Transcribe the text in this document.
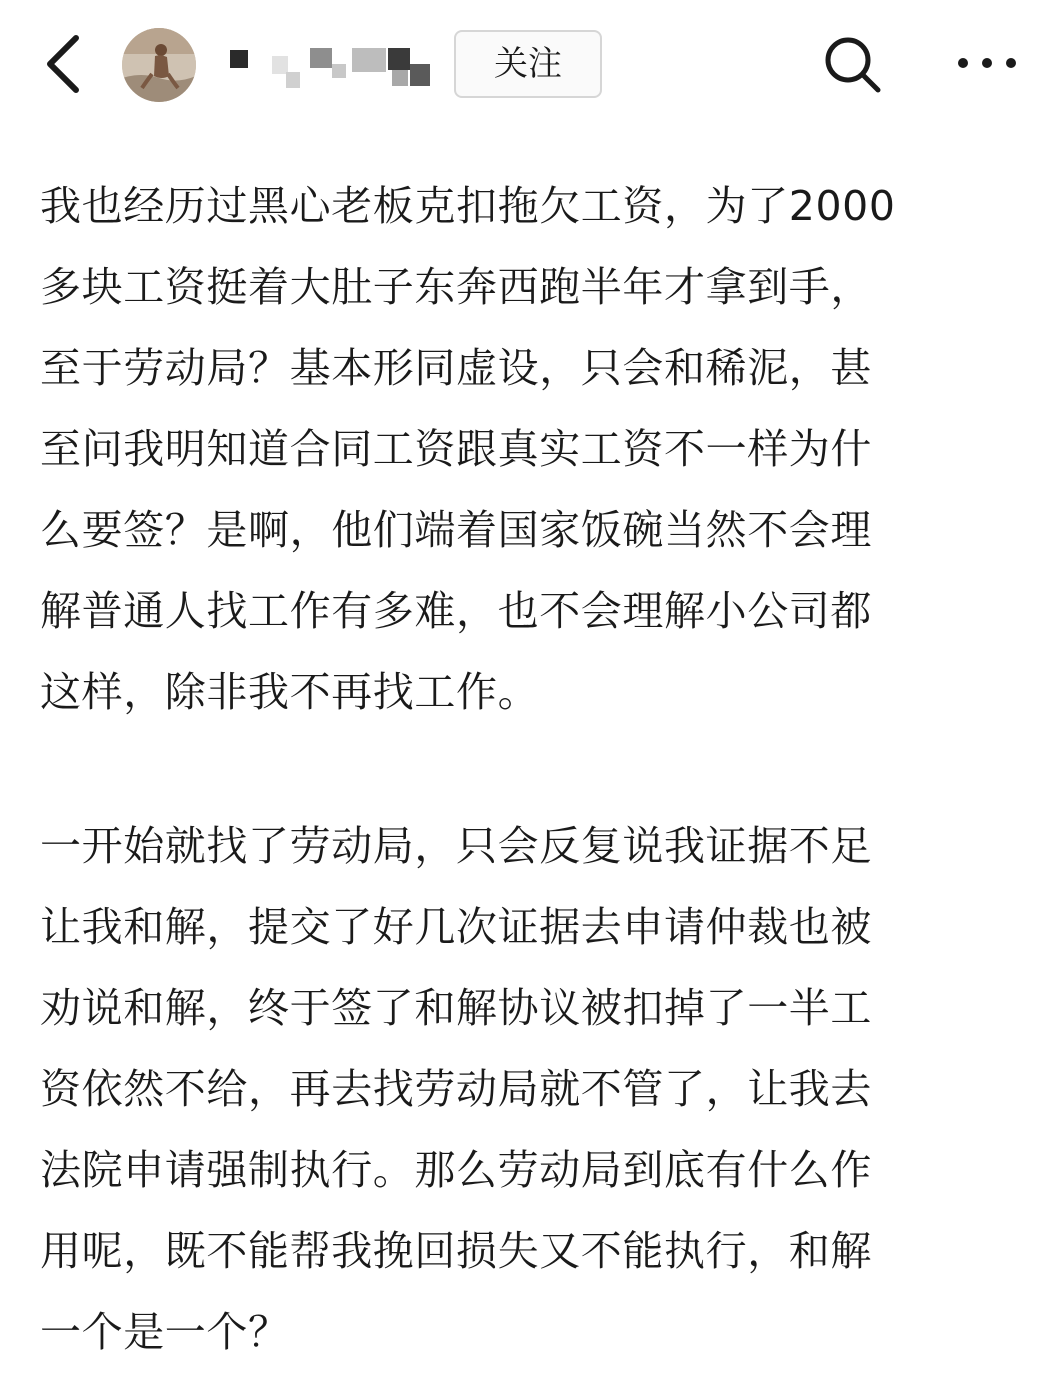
关注

我也经历过黑心老板克扣拖欠工资，为了2000
多块工资挺着大肚子东奔西跑半年才拿到手，
至于劳动局？基本形同虚设，只会和稀泥，甚
至问我明知道合同工资跟真实工资不一样为什
么要签？是啊，他们端着国家饭碗当然不会理
解普通人找工作有多难，也不会理解小公司都
这样，除非我不再找工作。

一开始就找了劳动局，只会反复说我证据不足
让我和解，提交了好几次证据去申请仲裁也被
劝说和解，终于签了和解协议被扣掉了一半工
资依然不给，再去找劳动局就不管了，让我去
法院申请强制执行。那么劳动局到底有什么作
用呢，既不能帮我挽回损失又不能执行，和解
一个是一个？
